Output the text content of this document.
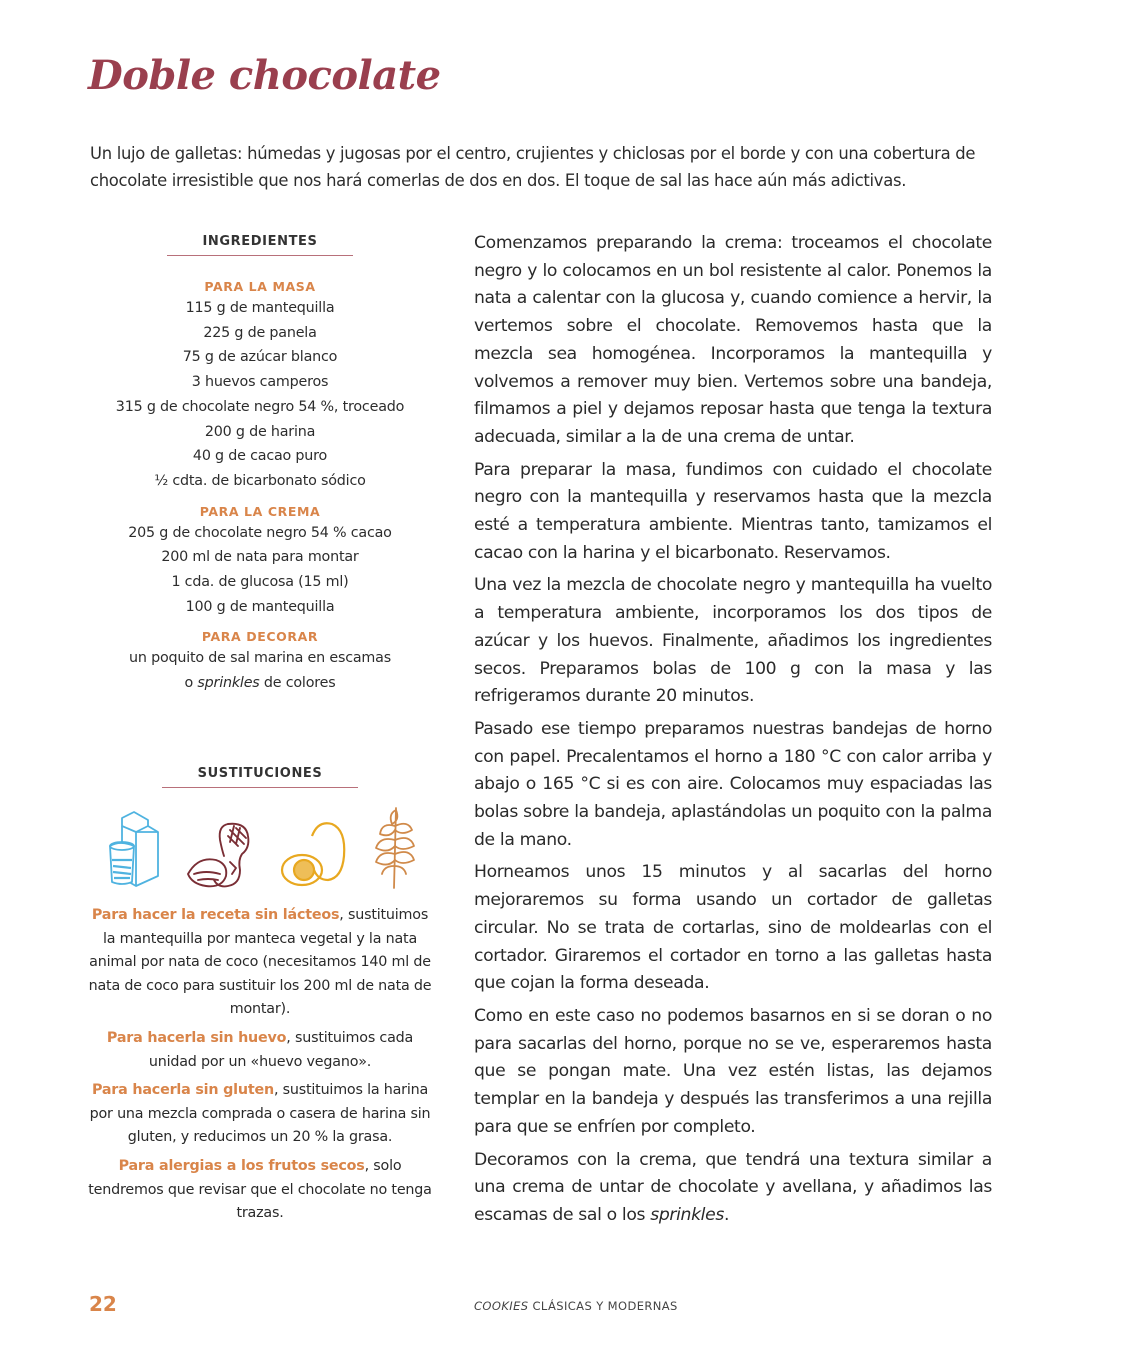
Doble chocolate

Un lujo de galletas: húmedas y jugosas por el centro, crujientes y chiclosas por el borde y con una cobertura de chocolate irresistible que nos hará comerlas de dos en dos. El toque de sal las hace aún más adictivas.

INGREDIENTES
PARA LA MASA
115 g de mantequilla
225 g de panela
75 g de azúcar blanco
3 huevos camperos
315 g de chocolate negro 54 %, troceado
200 g de harina
40 g de cacao puro
½ cdta. de bicarbonato sódico
PARA LA CREMA
205 g de chocolate negro 54 % cacao
200 ml de nata para montar
1 cda. de glucosa (15 ml)
100 g de mantequilla
PARA DECORAR
un poquito de sal marina en escamas
o sprinkles de colores
SUSTITUCIONES

Para hacer la receta sin lácteos, sustituimos la mantequilla por manteca vegetal y la nata animal por nata de coco (necesitamos 140 ml de nata de coco para sustituir los 200 ml de nata de montar).

Para hacerla sin huevo, sustituimos cada unidad por un «huevo vegano».

Para hacerla sin gluten, sustituimos la harina por una mezcla comprada o casera de harina sin gluten, y reducimos un 20 % la grasa.

Para alergias a los frutos secos, solo tendremos que revisar que el chocolate no tenga trazas.

Comenzamos preparando la crema: troceamos el chocolate negro y lo colocamos en un bol resistente al calor. Ponemos la nata a calentar con la glucosa y, cuando comience a hervir, la vertemos sobre el chocolate. Removemos hasta que la mezcla sea homogénea. Incorporamos la mantequilla y volvemos a remover muy bien. Vertemos sobre una bandeja, filmamos a piel y dejamos reposar hasta que tenga la textura adecuada, similar a la de una crema de untar.

Para preparar la masa, fundimos con cuidado el chocolate negro con la mantequilla y reservamos hasta que la mezcla esté a temperatura ambiente. Mientras tanto, tamizamos el cacao con la harina y el bicarbonato. Reservamos.

Una vez la mezcla de chocolate negro y mantequilla ha vuelto a temperatura ambiente, incorporamos los dos tipos de azúcar y los huevos. Finalmente, añadimos los ingredientes secos. Preparamos bolas de 100 g con la masa y las refrigeramos durante 20 minutos.

Pasado ese tiempo preparamos nuestras bandejas de horno con papel. Precalentamos el horno a 180 °C con calor arriba y abajo o 165 °C si es con aire. Colocamos muy espaciadas las bolas sobre la bandeja, aplastándolas un poquito con la palma de la mano.

Horneamos unos 15 minutos y al sacarlas del horno mejoraremos su forma usando un cortador de galletas circular. No se trata de cortarlas, sino de moldearlas con el cortador. Giraremos el cortador en torno a las galletas hasta que cojan la forma deseada.

Como en este caso no podemos basarnos en si se doran o no para sacarlas del horno, porque no se ve, esperaremos hasta que se pongan mate. Una vez estén listas, las dejamos templar en la bandeja y después las transferimos a una rejilla para que se enfríen por completo.

Decoramos con la crema, que tendrá una textura similar a una crema de untar de chocolate y avellana, y añadimos las escamas de sal o los sprinkles.

22	COOKIES CLÁSICAS Y MODERNAS
